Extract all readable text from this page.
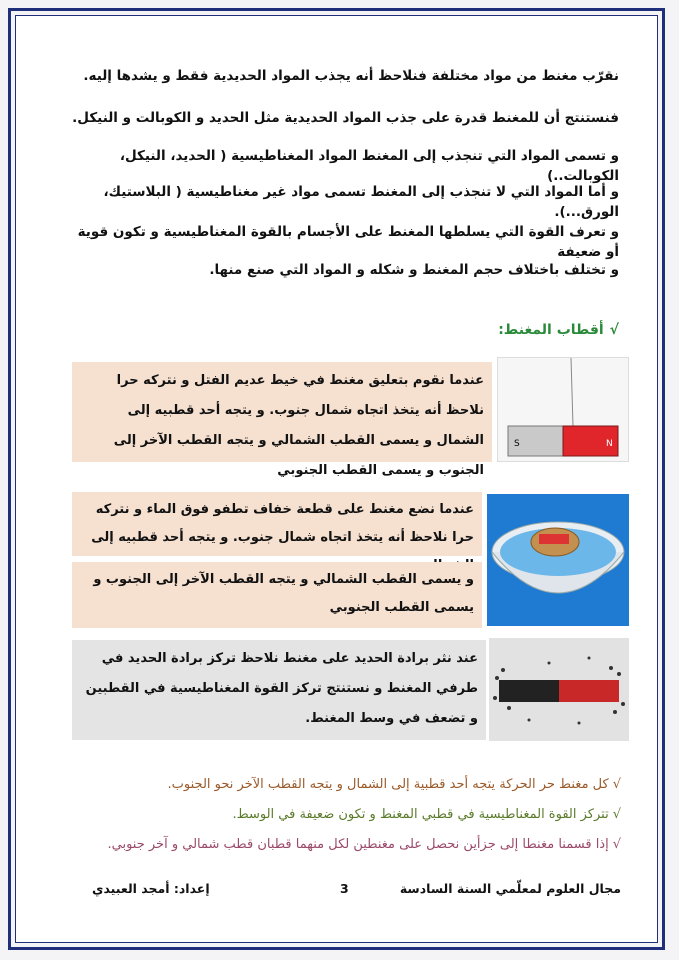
نقرّب مغنط من مواد مختلفة فنلاحظ أنه يجذب المواد الحديدية فقط و يشدها إليه.
فنستنتج أن للمغنط قدرة على جذب المواد الحديدية مثل الحديد و الكوبالت و النيكل.
و تسمى المواد التي تنجذب إلى المغنط المواد المغناطيسية ( الحديد، النيكل، الكوبالت..)
و أما المواد التي لا تنجذب إلى المغنط تسمى مواد غير مغناطيسية ( البلاستيك، الورق...).
و تعرف القوة التي يسلطها المغنط على الأجسام بالقوة المغناطيسية و تكون قوية أو ضعيفة
و تختلف باختلاف حجم المغنط و شكله و المواد التي صنع منها.
√أقطاب المغنط:
عندما نقوم بتعليق مغنط في خيط عديم الفتل و نتركه حرا نلاحظ أنه يتخذ اتجاه شمال جنوب. و يتجه أحد قطبيه إلى الشمال و يسمى القطب الشمالي و يتجه القطب الآخر إلى الجنوب و يسمى القطب الجنوبي
S	N
عندما نضع مغنط على قطعة خفاف تطفو فوق الماء و نتركه حرا نلاحظ أنه يتخذ اتجاه شمال جنوب. و يتجه أحد قطبيه إلى
و يسمى القطب الشمالي و يتجه القطب الآخر إلى الجنوب و يسمى القطب الجنوبي
عند نثر برادة الحديد على مغنط نلاحظ تركز برادة الحديد في طرفي المغنط و نستنتج تركز القوة المغناطيسية في القطبين و تضعف في وسط المغنط.
√كل مغنط حر الحركة يتجه أحد قطبية إلى الشمال و يتجه القطب الآخر نحو الجنوب.
√تتركز القوة المغناطيسية في قطبي المغنط و تكون ضعيفة في الوسط.
√إذا قسمنا مغنطا إلى جزأين نحصل على مغنطين لكل منهما قطبان قطب شمالي و آخر جنوبي.
مجال العلوم لمعلّمي السنة السادسة
3
إعداد: أمجد العبيدي
